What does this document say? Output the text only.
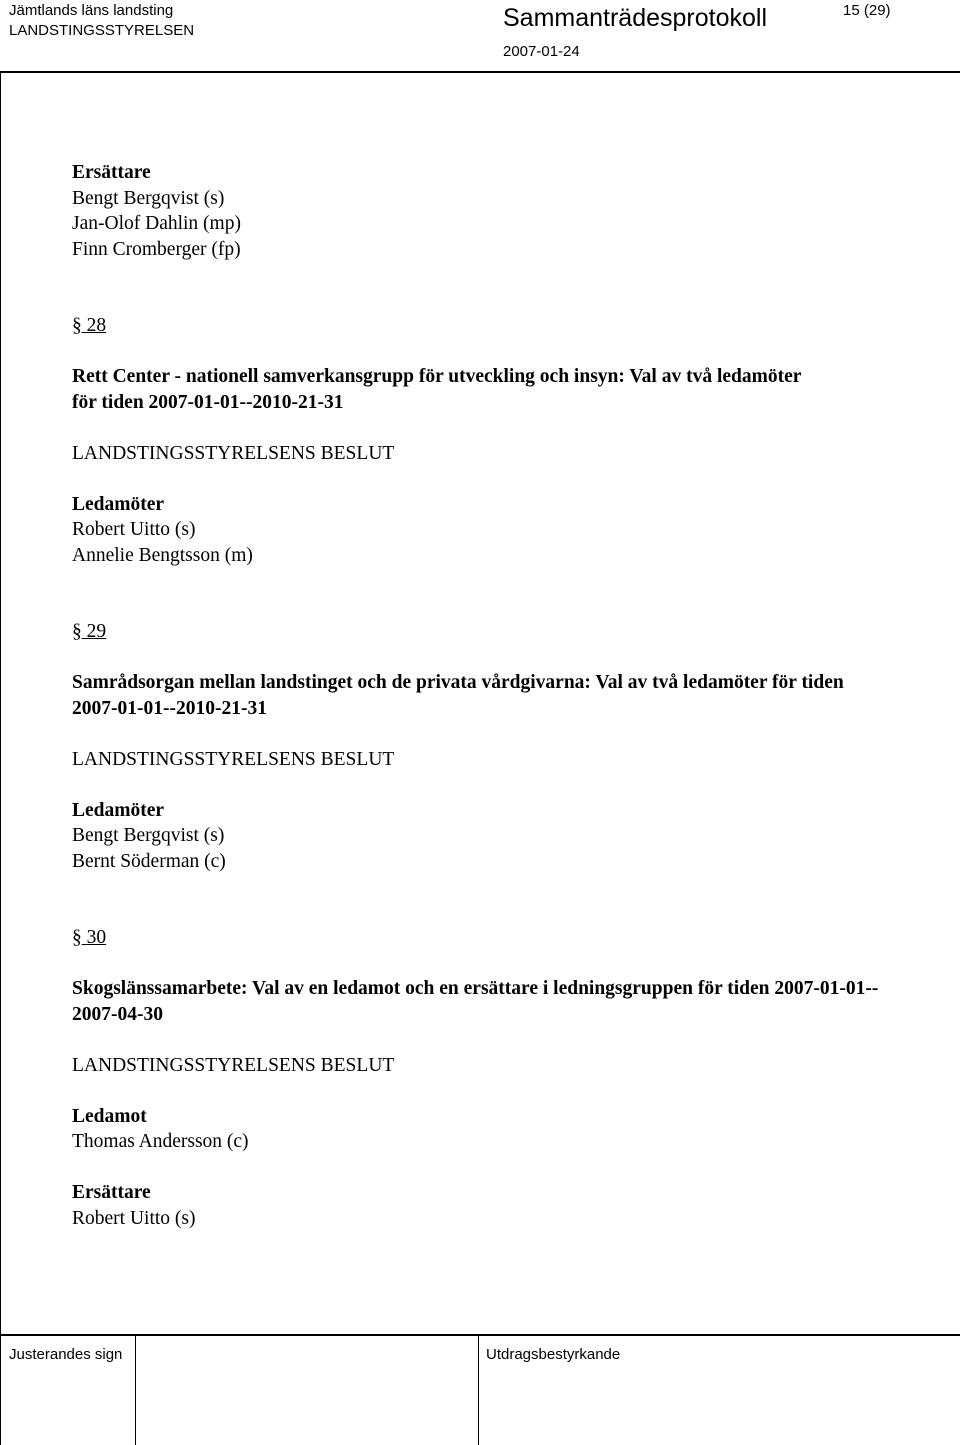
Jämtlands läns landsting
LANDSTINGSSTYRELSEN	Sammanträdesprotokoll
2007-01-24
15 (29)
Ersättare
Bengt Bergqvist (s)
Jan-Olof Dahlin (mp)
Finn Cromberger (fp)
§ 28
Rett Center - nationell samverkansgrupp för utveckling och insyn: Val av två ledamöter
för tiden 2007-01-01--2010-21-31
LANDSTINGSSTYRELSENS BESLUT
Ledamöter
Robert Uitto (s)
Annelie Bengtsson (m)
§ 29
Samrådsorgan mellan landstinget och de privata vårdgivarna: Val av två ledamöter för tiden
2007-01-01--2010-21-31
LANDSTINGSSTYRELSENS BESLUT
Ledamöter
Bengt Bergqvist (s)
Bernt Söderman (c)
§ 30
Skogslänssamarbete: Val av en ledamot och en ersättare i ledningsgruppen för tiden 2007-01-01--
2007-04-30
LANDSTINGSSTYRELSENS BESLUT
Ledamot
Thomas Andersson (c)
Ersättare
Robert Uitto (s)
Justerandes sign	Utdragsbestyrkande
